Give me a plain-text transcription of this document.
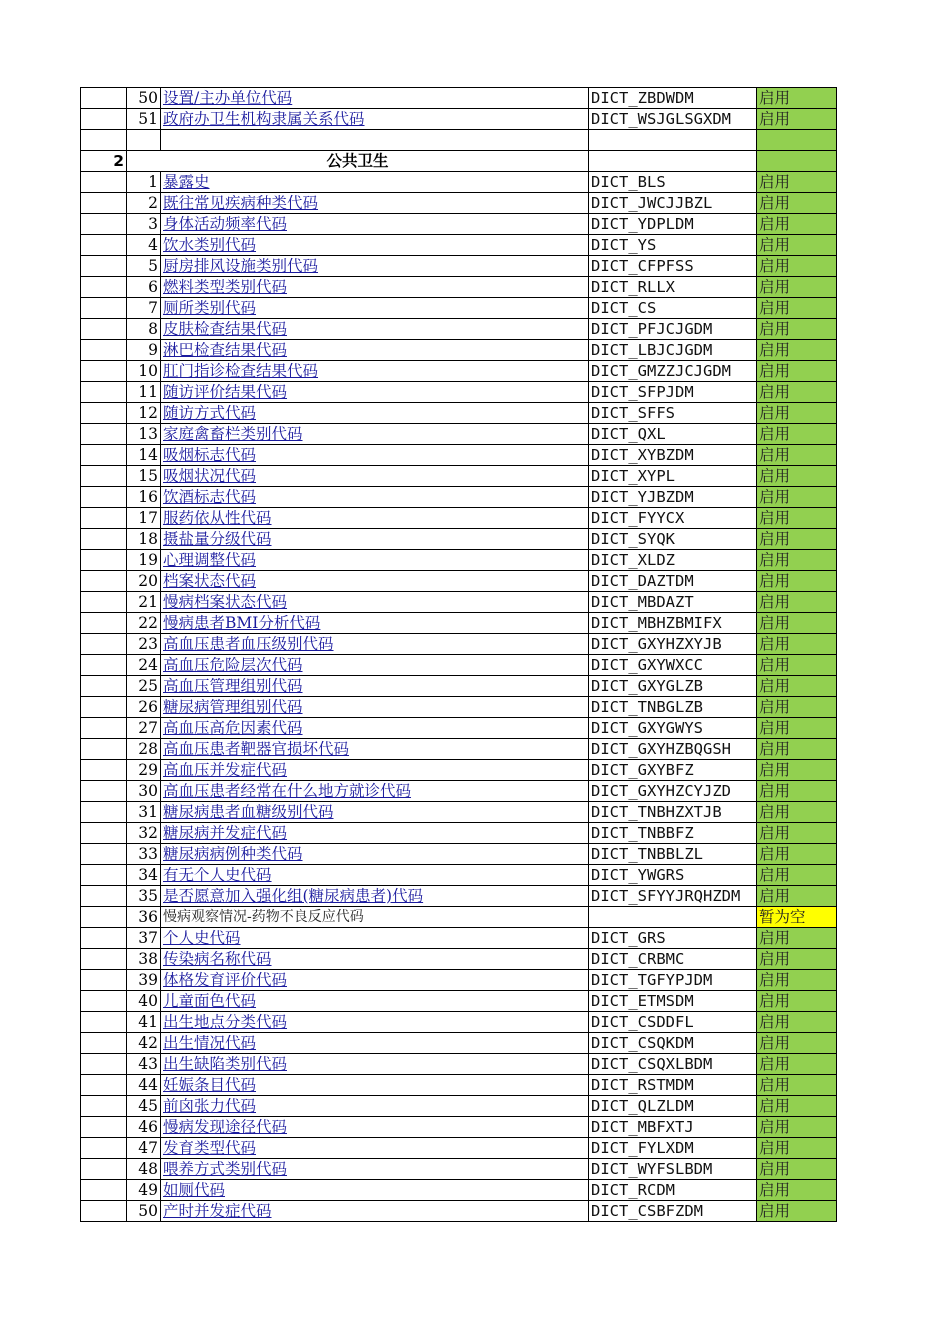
	50	设置/主办单位代码	DICT_ZBDWDM	启用
	51	政府办卫生机构隶属关系代码	DICT_WSJGLSGXDM	启用

2	公共卫生			
	1	暴露史	DICT_BLS	启用
	2	既往常见疾病种类代码	DICT_JWCJJBZL	启用
	3	身体活动频率代码	DICT_YDPLDM	启用
	4	饮水类别代码	DICT_YS	启用
	5	厨房排风设施类别代码	DICT_CFPFSS	启用
	6	燃料类型类别代码	DICT_RLLX	启用
	7	厕所类别代码	DICT_CS	启用
	8	皮肤检查结果代码	DICT_PFJCJGDM	启用
	9	淋巴检查结果代码	DICT_LBJCJGDM	启用
	10	肛门指诊检查结果代码	DICT_GMZZJCJGDM	启用
	11	随访评价结果代码	DICT_SFPJDM	启用
	12	随访方式代码	DICT_SFFS	启用
	13	家庭禽畜栏类别代码	DICT_QXL	启用
	14	吸烟标志代码	DICT_XYBZDM	启用
	15	吸烟状况代码	DICT_XYPL	启用
	16	饮酒标志代码	DICT_YJBZDM	启用
	17	服药依从性代码	DICT_FYYCX	启用
	18	摄盐量分级代码	DICT_SYQK	启用
	19	心理调整代码	DICT_XLDZ	启用
	20	档案状态代码	DICT_DAZTDM	启用
	21	慢病档案状态代码	DICT_MBDAZT	启用
	22	慢病患者BMI分析代码	DICT_MBHZBMIFX	启用
	23	高血压患者血压级别代码	DICT_GXYHZXYJB	启用
	24	高血压危险层次代码	DICT_GXYWXCC	启用
	25	高血压管理组别代码	DICT_GXYGLZB	启用
	26	糖尿病管理组别代码	DICT_TNBGLZB	启用
	27	高血压高危因素代码	DICT_GXYGWYS	启用
	28	高血压患者靶器官损坏代码	DICT_GXYHZBQGSH	启用
	29	高血压并发症代码	DICT_GXYBFZ	启用
	30	高血压患者经常在什么地方就诊代码	DICT_GXYHZCYJZD	启用
	31	糖尿病患者血糖级别代码	DICT_TNBHZXTJB	启用
	32	糖尿病并发症代码	DICT_TNBBFZ	启用
	33	糖尿病病例种类代码	DICT_TNBBLZL	启用
	34	有无个人史代码	DICT_YWGRS	启用
	35	是否愿意加入强化组(糖尿病患者)代码	DICT_SFYYJRQHZDM	启用
	36	慢病观察情况-药物不良反应代码		暂为空
	37	个人史代码	DICT_GRS	启用
	38	传染病名称代码	DICT_CRBMC	启用
	39	体格发育评价代码	DICT_TGFYPJDM	启用
	40	儿童面色代码	DICT_ETMSDM	启用
	41	出生地点分类代码	DICT_CSDDFL	启用
	42	出生情况代码	DICT_CSQKDM	启用
	43	出生缺陷类别代码	DICT_CSQXLBDM	启用
	44	妊娠条目代码	DICT_RSTMDM	启用
	45	前囟张力代码	DICT_QLZLDM	启用
	46	慢病发现途径代码	DICT_MBFXTJ	启用
	47	发育类型代码	DICT_FYLXDM	启用
	48	喂养方式类别代码	DICT_WYFSLBDM	启用
	49	如厕代码	DICT_RCDM	启用
	50	产时并发症代码	DICT_CSBFZDM	启用
